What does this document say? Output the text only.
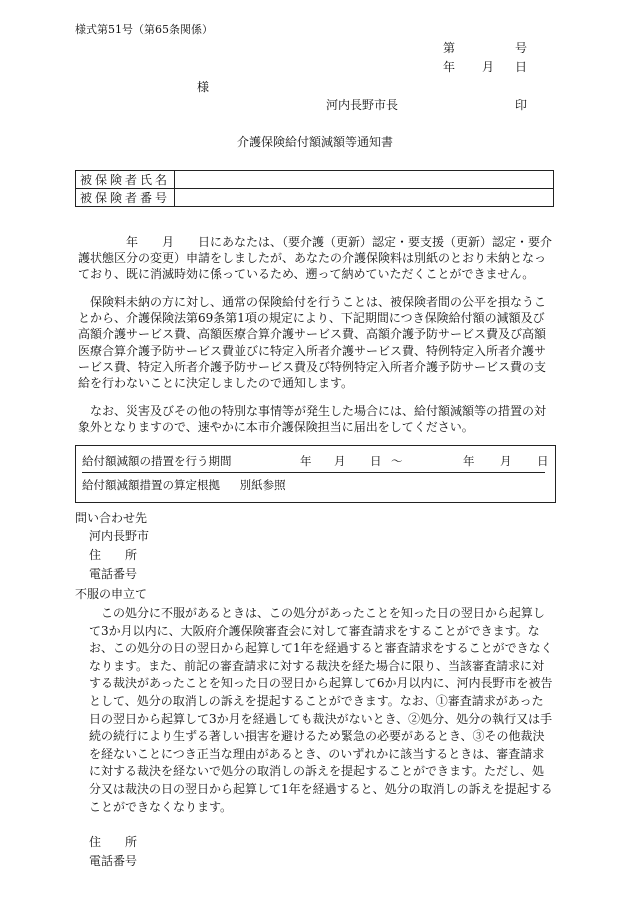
様式第51号（第65条関係）
第	号
年 月 日
様
河内長野市長	印
介護保険給付額減額等通知書
被保険者氏名	
被保険者番号	
　　年　　月　　日にあなたは、（要介護（更新）認定・要支援（更新）認定・要介護状態区分の変更）申請をしましたが、あなたの介護保険料は別紙のとおり未納となっており、既に消滅時効に係っているため、遡って納めていただくことができません。
保険料未納の方に対し、通常の保険給付を行うことは、被保険者間の公平を損なうことから、介護保険法第69条第1項の規定により、下記期間につき保険給付額の減額及び高額介護サービス費、高額医療合算介護サービス費、高額介護予防サービス費及び高額医療合算介護予防サービス費並びに特定入所者介護サービス費、特例特定入所者介護サービス費、特定入所者介護予防サービス費及び特例特定入所者介護予防サービス費の支給を行わないことに決定しましたので通知します。
なお、災害及びその他の特別な事情等が発生した場合には、給付額減額等の措置の対象外となりますので、速やかに本市介護保険担当に届出をしてください。
給付額減額の措置を行う期間	年 月 日 ～	年 月 日
給付額減額措置の算定根拠 別紙参照
問い合わせ先
河内長野市
住　　所
電話番号
不服の申立て
この処分に不服があるときは、この処分があったことを知った日の翌日から起算して3か月以内に、大阪府介護保険審査会に対して審査請求をすることができます。なお、この処分の日の翌日から起算して1年を経過すると審査請求をすることができなくなります。また、前記の審査請求に対する裁決を経た場合に限り、当該審査請求に対する裁決があったことを知った日の翌日から起算して6か月以内に、河内長野市を被告として、処分の取消しの訴えを提起することができます。なお、①審査請求があった日の翌日から起算して3か月を経過しても裁決がないとき、②処分、処分の執行又は手続の続行により生ずる著しい損害を避けるため緊急の必要があるとき、③その他裁決を経ないことにつき正当な理由があるとき、のいずれかに該当するときは、審査請求に対する裁決を経ないで処分の取消しの訴えを提起することができます。ただし、処分又は裁決の日の翌日から起算して1年を経過すると、処分の取消しの訴えを提起することができなくなります。
住　　所
電話番号
